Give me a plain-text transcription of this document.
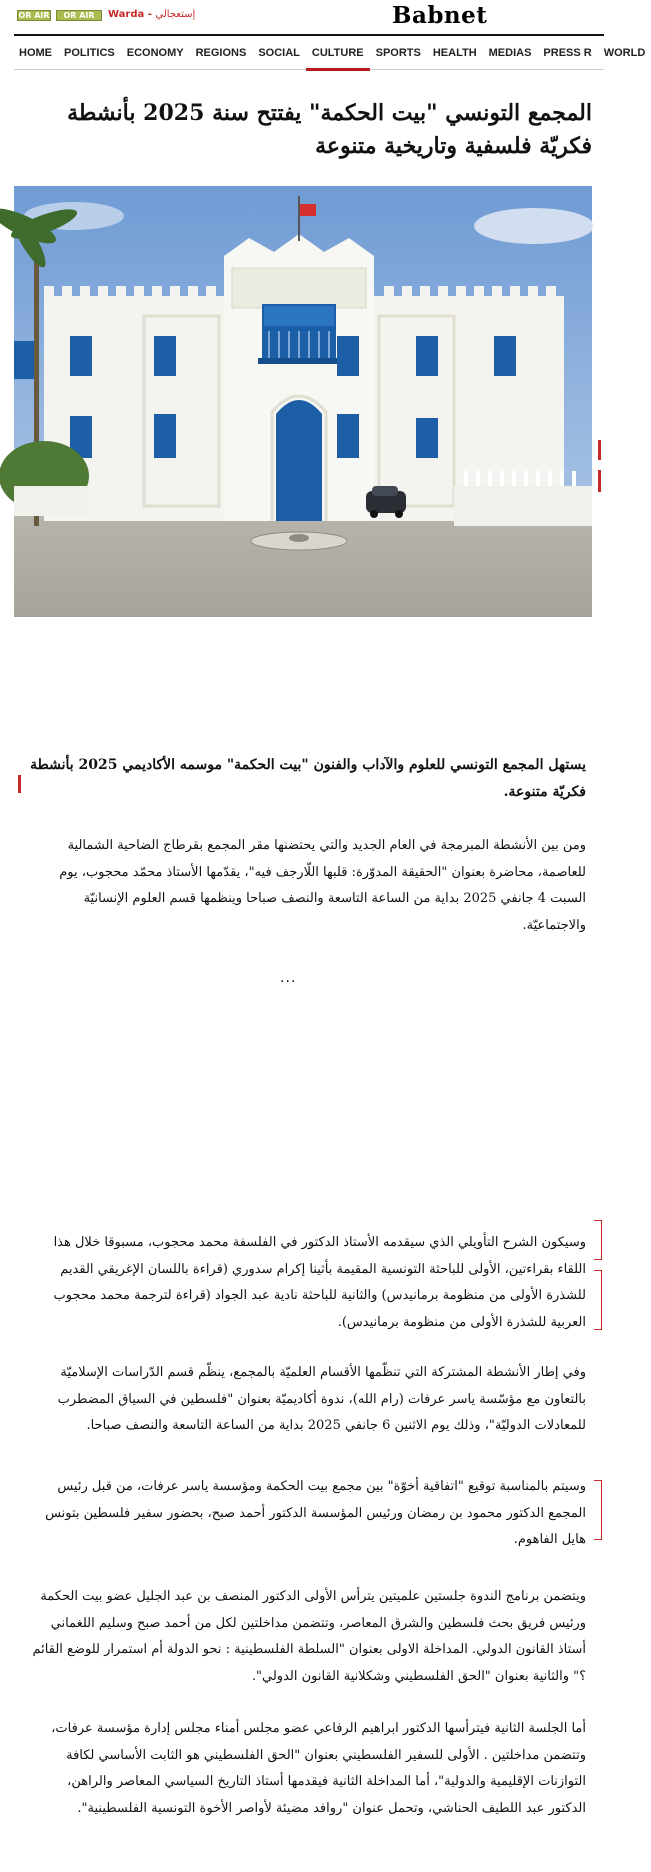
OR AIR	OR AIR	Warda - إستعجالي	Babnet
HOME	POLITICS	ECONOMY	REGIONS	SOCIAL	CULTURE	SPORTS	HEALTH	MEDIAS	PRESS R	WORLD
المجمع التونسي "بيت الحكمة" يفتتح سنة 2025 بأنشطة فكريّة فلسفية وتاريخية متنوعة

يستهل المجمع التونسي للعلوم والآداب والفنون "بيت الحكمة" موسمه الأكاديمي 2025 بأنشطة فكريّة متنوعة.

ومن بين الأنشطة المبرمجة في العام الجديد والتي يحتضنها مقر المجمع بقرطاج الضاحية الشمالية للعاصمة، محاضرة بعنوان "الحقيقة المدوّرة: قلبها اللّارجف فيه"، يقدّمها الأستاذ محمّد محجوب، يوم السبت 4 جانفي 2025 بداية من الساعة التاسعة والنصف صباحا وينظمها قسم العلوم الإنسانيّة والاجتماعيّة.

...

وسيكون الشرح التأويلي الذي سيقدمه الأستاذ الدكتور في الفلسفة محمد محجوب، مسبوقا خلال هذا اللقاء بقراءتين، الأولى للباحثة التونسية المقيمة بأثينا إكرام سدوري (قراءة باللسان الإغريقي القديم للشذرة الأولى من منظومة برمانيدس) والثانية للباحثة نادية عبد الجواد (قراءة لترجمة محمد محجوب العربية للشذرة الأولى من منظومة برمانيدس).

وفي إطار الأنشطة المشتركة التي تنظّمها الأقسام العلميّة بالمجمع، ينظّم قسم الدّراسات الإسلاميّة بالتعاون مع مؤسّسة ياسر عرفات (رام الله)، ندوة أكاديميّة بعنوان "فلسطين في السياق المضطرب للمعادلات الدوليّة"، وذلك يوم الاثنين 6 جانفي 2025 بداية من الساعة التاسعة والنصف صباحا.

وسيتم بالمناسبة توقيع "اتفاقية أخوّة" بين مجمع بيت الحكمة ومؤسسة ياسر عرفات، من قبل رئيس المجمع الدكتور محمود بن رمضان ورئيس المؤسسة الدكتور أحمد صبح، بحضور سفير فلسطين بتونس هايل الفاهوم.

ويتضمن برنامج الندوة جلستين علميتين يترأس الأولى الدكتور المنصف بن عبد الجليل عضو بيت الحكمة ورئيس فريق بحث فلسطين والشرق المعاصر، وتتضمن مداخلتين لكل من أحمد صبح وسليم اللغماني أستاذ القانون الدولي. المداخلة الاولى بعنوان "السلطة الفلسطينية : نحو الدولة أم استمرار للوضع القائم ؟" والثانية بعنوان "الحق الفلسطيني وشكلانية القانون الدولي".

أما الجلسة الثانية فيترأسها الدكتور ابراهيم الرفاعي عضو مجلس أمناء مجلس إدارة مؤسسة عرفات، وتتضمن مداخلتين . الأولى للسفير الفلسطيني بعنوان "الحق الفلسطيني هو الثابت الأساسي لكافة التوازنات الإقليمية والدولية"، أما المداخلة الثانية فيقدمها أستاذ التاريخ السياسي المعاصر والراهن، الدكتور عبد اللطيف الحناشي، وتحمل عنوان "روافد مضيئة لأواصر الأخوة التونسية الفلسطينية".
